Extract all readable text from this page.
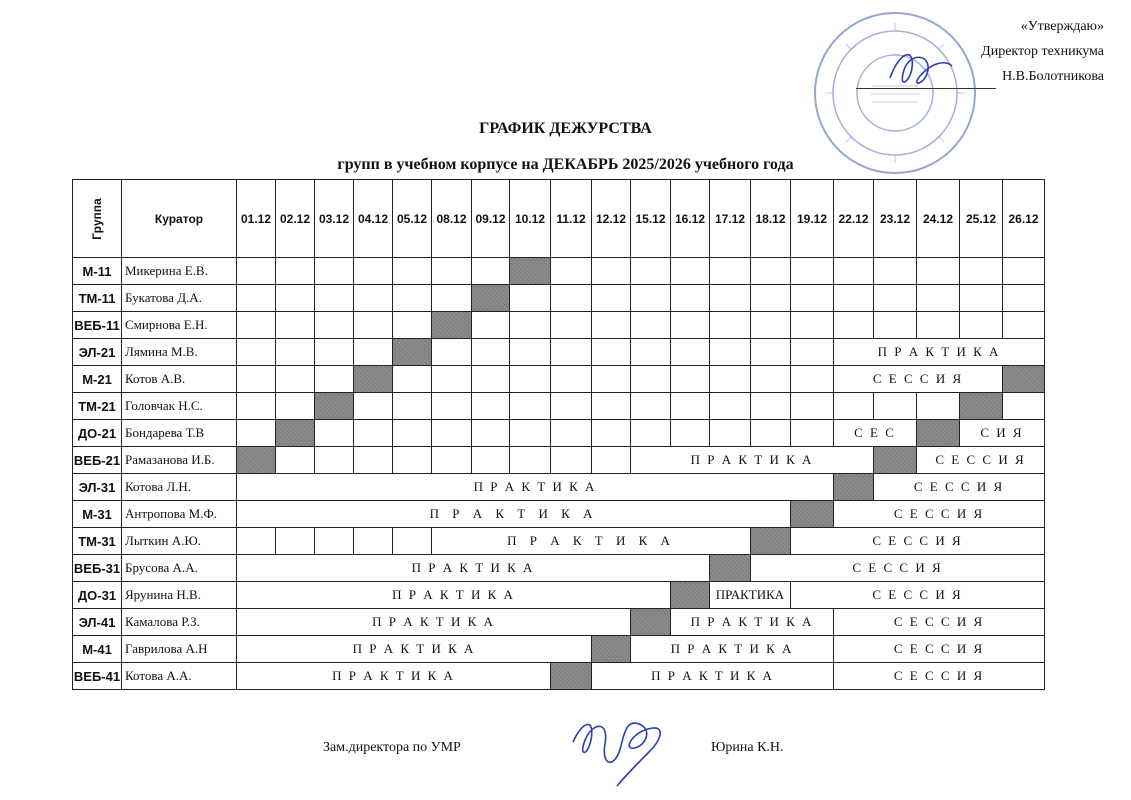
«Утверждаю»
Директор техникума
Н.В.Болотникова
ГРАФИК ДЕЖУРСТВА
групп в учебном корпусе на ДЕКАБРЬ 2025/2026 учебного года
Группа	Куратор	01.12	02.12	03.12	04.12	05.12	08.12	09.12	10.12	11.12	12.12	15.12	16.12	17.12	18.12	19.12	22.12	23.12	24.12	25.12	26.12
М-11	Микерина Е.В.																				
ТМ-11	Букатова Д.А.																				
ВЕБ-11	Смирнова Е.Н.																				
ЭЛ-21	Лямина М.В.																П Р А К Т И К А				
М-21	Котов А.В.																С Е С С И Я				
ТМ-21	Головчак Н.С.																				
ДО-21	Бондарева Т.В																С Е С			С И Я	
ВЕБ-21	Рамазанова И.Б.											П Р А К Т И К А							С Е С С И Я		
ЭЛ-31	Котова Л.Н.	П Р А К Т И К А																С Е С С И Я			
М-31	Антропова М.Ф.	П Р А К Т И К А															С Е С С И Я				
ТМ-31	Лыткин А.Ю.						П Р А К Т И К А									С Е С С И Я					
ВЕБ-31	Брусова А.А.	П Р А К Т И К А													С Е С С И Я						
ДО-31	Ярунина Н.В.	П Р А К Т И К А												ПРАКТИКА		С Е С С И Я					
ЭЛ-41	Камалова Р.З.	П Р А К Т И К А											П Р А К Т И К А				С Е С С И Я				
М-41	Гаврилова А.Н	П Р А К Т И К А										П Р А К Т И К А					С Е С С И Я				
ВЕБ-41	Котова А.А.	П Р А К Т И К А									П Р А К Т И К А						С Е С С И Я				
Зам.директора по УМР	Юрина К.Н.
